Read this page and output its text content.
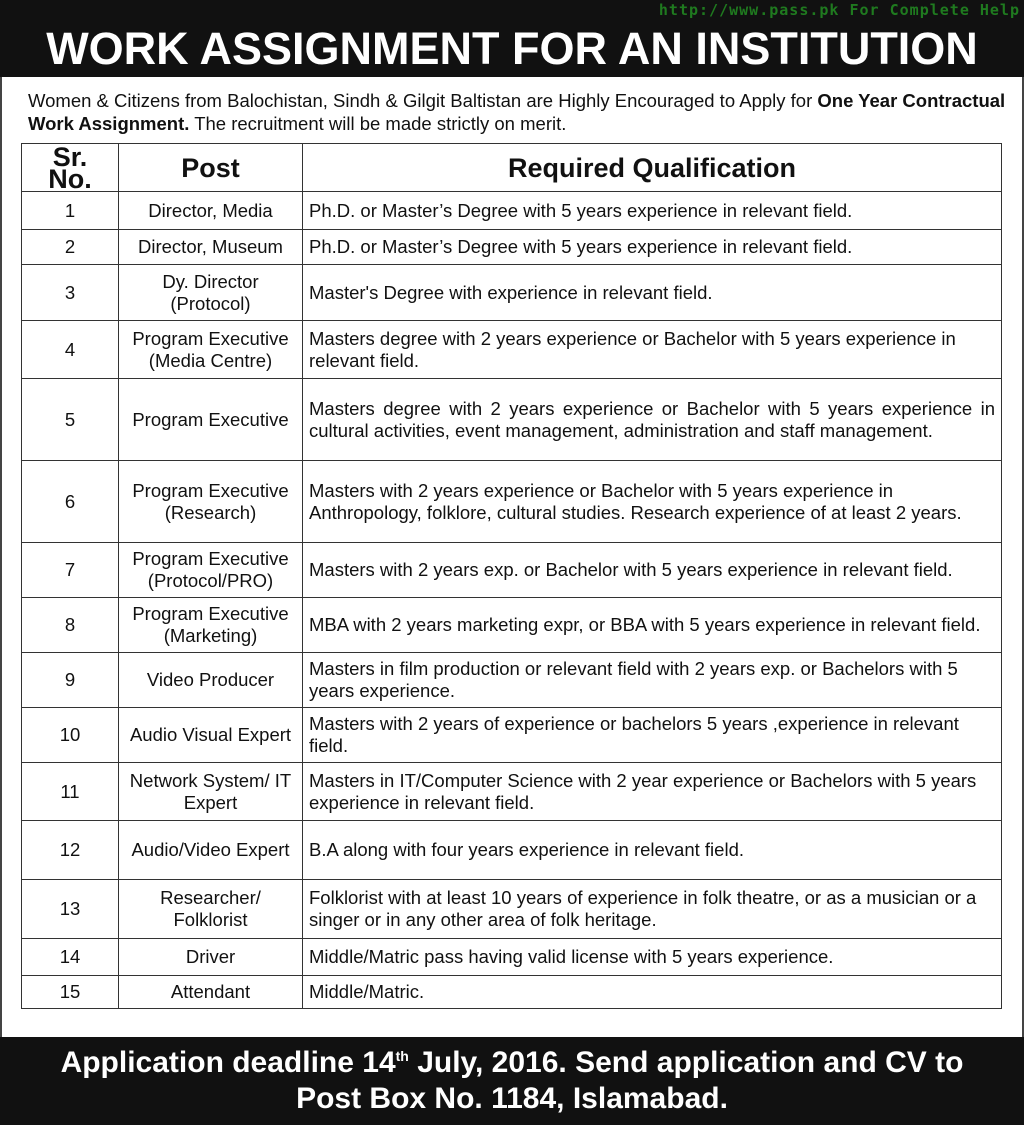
http://www.pass.pk For Complete Help
WORK ASSIGNMENT FOR AN INSTITUTION
Women & Citizens from Balochistan, Sindh & Gilgit Baltistan are Highly Encouraged to Apply for One Year Contractual Work Assignment. The recruitment will be made strictly on merit.
Sr. No.	Post	Required Qualification
1	Director, Media	Ph.D. or Master’s Degree with 5 years experience in relevant field.
2	Director, Museum	Ph.D. or Master’s Degree with 5 years experience in relevant field.
3	Dy. Director (Protocol)	Master's Degree with experience in relevant field.
4	Program Executive (Media Centre)	Masters degree with 2 years experience or Bachelor with 5 years experience in relevant field.
5	Program Executive	Masters degree with 2 years experience or Bachelor with 5 years experience in cultural activities, event management, administration and staff management.
6	Program Executive (Research)	Masters with 2 years experience or Bachelor with 5 years experience in Anthropology, folklore, cultural studies. Research experience of at least 2 years.
7	Program Executive (Protocol/PRO)	Masters with 2 years exp. or Bachelor with 5 years experience in relevant field.
8	Program Executive (Marketing)	MBA with 2 years marketing expr, or BBA with 5 years experience in relevant field.
9	Video Producer	Masters in film production or relevant field with 2 years exp. or Bachelors with 5 years experience.
10	Audio Visual Expert	Masters with 2 years of experience or bachelors 5 years ,experience in relevant field.
11	Network System/ IT Expert	Masters in IT/Computer Science with 2 year experience or Bachelors with 5 years experience in relevant field.
12	Audio/Video Expert	B.A along with four years experience in relevant field.
13	Researcher/ Folklorist	Folklorist with at least 10 years of experience in folk theatre, or as a musician or a singer or in any other area of folk heritage.
14	Driver	Middle/Matric pass having valid license with 5 years experience.
15	Attendant	Middle/Matric.
Application deadline 14th July, 2016. Send application and CV to
Post Box No. 1184, Islamabad.
